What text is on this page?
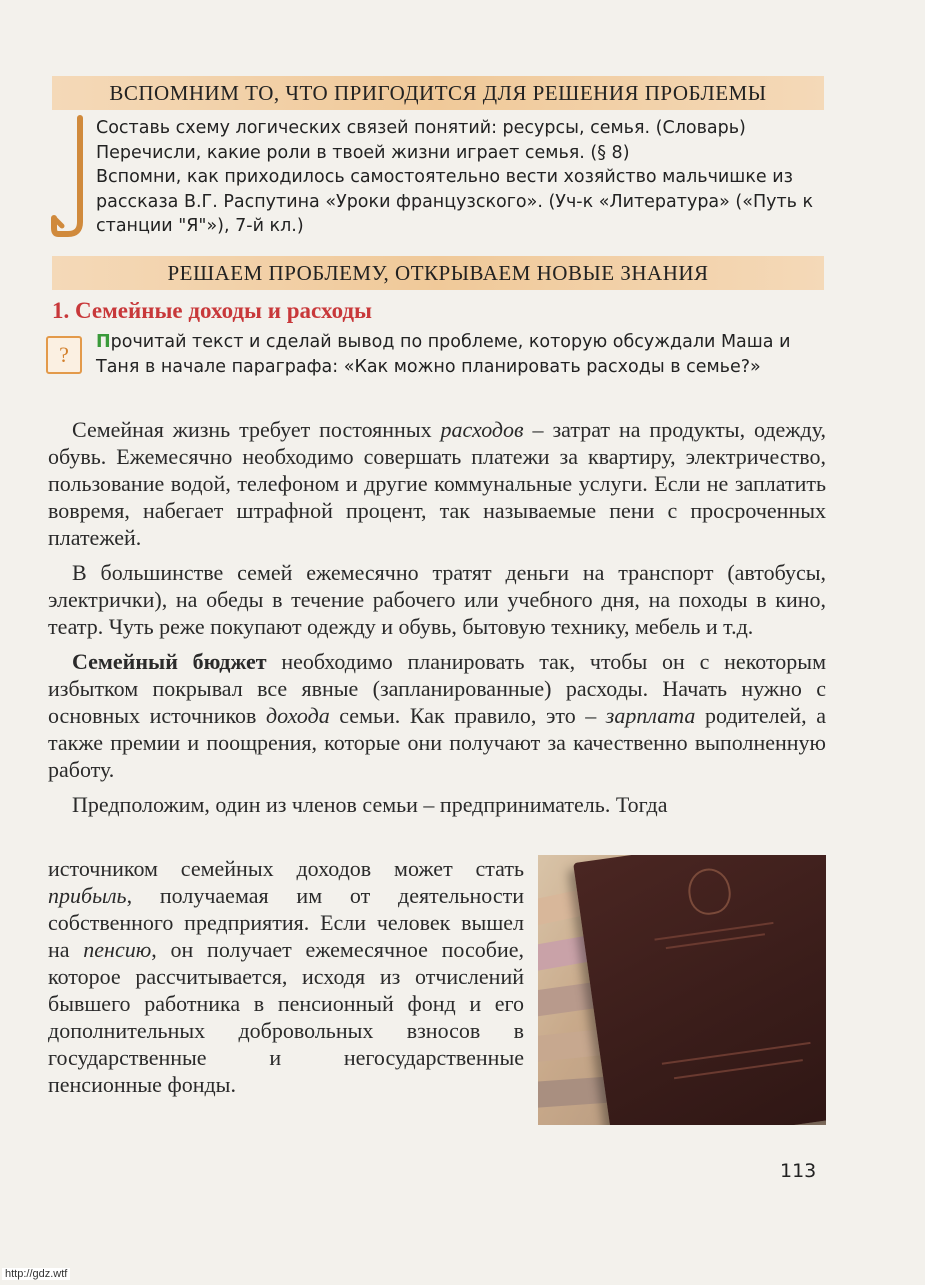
ВСПОМНИМ ТО, ЧТО ПРИГОДИТСЯ ДЛЯ РЕШЕНИЯ ПРОБЛЕМЫ

Составь схему логических связей понятий: ресурсы, семья. (Словарь)

Перечисли, какие роли в твоей жизни играет семья. (§ 8)

Вспомни, как приходилось самостоятельно вести хозяйство мальчишке из рассказа В.Г. Распутина «Уроки французского». (Уч-к «Литература» («Путь к станции "Я"»), 7-й кл.)

РЕШАЕМ ПРОБЛЕМУ, ОТКРЫВАЕМ НОВЫЕ ЗНАНИЯ
1. Семейные доходы и расходы
?	Прочитай текст и сделай вывод по проблеме, которую обсуждали Маша и Таня в начале параграфа: «Как можно планировать расходы в семье?»

Семейная жизнь требует постоянных расходов – затрат на продукты, одежду, обувь. Ежемесячно необходимо совершать платежи за квартиру, электричество, пользование водой, телефоном и другие коммунальные услуги. Если не заплатить вовремя, набегает штрафной процент, так называемые пени с просроченных платежей.

В большинстве семей ежемесячно тратят деньги на транспорт (автобусы, электрички), на обеды в течение рабочего или учебного дня, на походы в кино, театр. Чуть реже покупают одежду и обувь, бытовую технику, мебель и т.д.

Семейный бюджет необходимо планировать так, чтобы он с некоторым избытком покрывал все явные (запланированные) расходы. Начать нужно с основных источников дохода семьи. Как правило, это – зарплата родителей, а также премии и поощрения, которые они получают за качественно выполненную работу.

Предположим, один из членов семьи – предприниматель. Тогда

источником семейных доходов может стать прибыль, получаемая им от деятельности собственного предприятия. Если человек вышел на пенсию, он получает ежемесячное пособие, которое рассчитывается, исходя из отчислений бывшего работника в пенсионный фонд и его дополнительных добровольных взносов в государственные и негосударственные пенсионные фонды.

113
http://gdz.wtf
